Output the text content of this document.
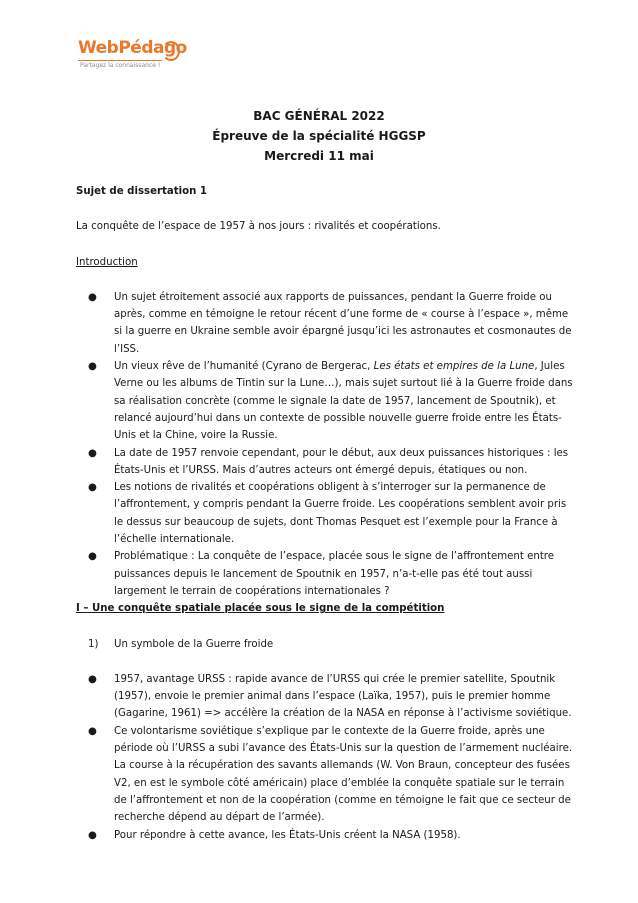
WebPédago
Partagez la connaissance !
BAC GÉNÉRAL 2022
Épreuve de la spécialité HGGSP
Mercredi 11 mai

Sujet de dissertation 1

La conquête de l’espace de 1957 à nos jours : rivalités et coopérations.

Introduction

● Un sujet étroitement associé aux rapports de puissances, pendant la Guerre froide ou après, comme en témoigne le retour récent d’une forme de « course à l’espace », même si la guerre en Ukraine semble avoir épargné jusqu’ici les astronautes et cosmonautes de l’ISS.
● Un vieux rêve de l’humanité (Cyrano de Bergerac, Les états et empires de la Lune, Jules Verne ou les albums de Tintin sur la Lune…), mais sujet surtout lié à la Guerre froide dans sa réalisation concrète (comme le signale la date de 1957, lancement de Spoutnik), et relancé aujourd’hui dans un contexte de possible nouvelle guerre froide entre les États-Unis et la Chine, voire la Russie.
● La date de 1957 renvoie cependant, pour le début, aux deux puissances historiques : les États-Unis et l’URSS. Mais d’autres acteurs ont émergé depuis, étatiques ou non.
● Les notions de rivalités et coopérations obligent à s’interroger sur la permanence de l’affrontement, y compris pendant la Guerre froide. Les coopérations semblent avoir pris le dessus sur beaucoup de sujets, dont Thomas Pesquet est l’exemple pour la France à l’échelle internationale.
● Problématique : La conquête de l’espace, placée sous le signe de l’affrontement entre puissances depuis le lancement de Spoutnik en 1957, n’a-t-elle pas été tout aussi largement le terrain de coopérations internationales ?

I – Une conquête spatiale placée sous le signe de la compétition

1) Un symbole de la Guerre froide
● 1957, avantage URSS : rapide avance de l’URSS qui crée le premier satellite, Spoutnik (1957), envoie le premier animal dans l’espace (Laïka, 1957), puis le premier homme (Gagarine, 1961) => accélère la création de la NASA en réponse à l’activisme soviétique.
● Ce volontarisme soviétique s’explique par le contexte de la Guerre froide, après une période où l’URSS a subi l’avance des États-Unis sur la question de l’armement nucléaire. La course à la récupération des savants allemands (W. Von Braun, concepteur des fusées V2, en est le symbole côté américain) place d’emblée la conquête spatiale sur le terrain de l’affrontement et non de la coopération (comme en témoigne le fait que ce secteur de recherche dépend au départ de l’armée).
● Pour répondre à cette avance, les États-Unis créent la NASA (1958).
